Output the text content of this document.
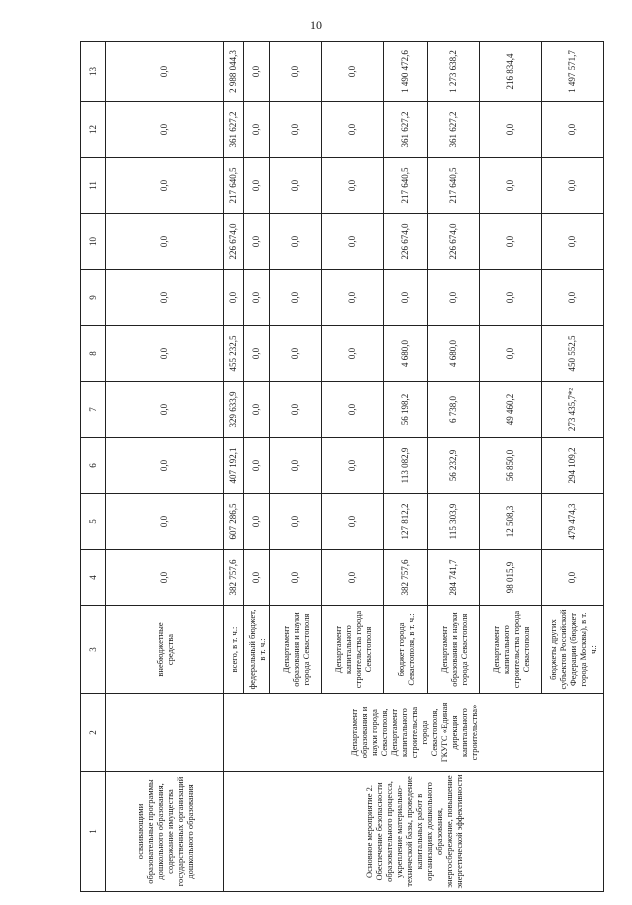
10
1	2	3	4	5	6	7	8	9	10	11	12	13
осваивающими образовательные программы дошкольного образования, содержание имущества государственных организаций дошкольного образования		внебюджетные средства	0,0	0,0	0,0	0,0	0,0	0,0	0,0	0,0	0,0	0,0
Основное мероприятие 2. Обеспечение безопасности образовательного процесса, укрепление материально-технической базы, проведение капитальных работ в организациях дошкольного образования, энергосбережение, повышение энергетической эффективности	Департамент образования и науки города Севастополя, Департамент капитального строительства города Севастополя, ГКУГС «Единая дирекция капитального строительства»	всего, в т. ч.:	382 757,6	607 286,5	407 192,1	329 633,9	455 232,5	0,0	226 674,0	217 640,5	361 627,2	2 988 044,3
		федеральный бюджет, в т. ч.:	0,0	0,0	0,0	0,0	0,0	0,0	0,0	0,0	0,0	0,0
		Департамент образования и науки города Севастополя	0,0	0,0	0,0	0,0	0,0	0,0	0,0	0,0	0,0	0,0
		Департамент капитального строительства города Севастополя	0,0	0,0	0,0	0,0	0,0	0,0	0,0	0,0	0,0	0,0
		бюджет города Севастополя, в т. ч.:	382 757,6	127 812,2	113 082,9	56 198,2	4 680,0	0,0	226 674,0	217 640,5	361 627,2	1 490 472,6
		Департамент образования и науки города Севастополя	284 741,7	115 303,9	56 232,9	6 738,0	4 680,0	0,0	226 674,0	217 640,5	361 627,2	1 273 638,2
		Департамент капитального строительства города Севастополя	98 015,9	12 508,3	56 850,0	49 460,2	0,0	0,0	0,0	0,0	0,0	216 834,4
		бюджеты других субъектов Российской Федерации (бюджет города Москвы), в т. ч.:	0,0	479 474,3	294 109,2	273 435,7*²	450 552,5	0,0	0,0	0,0	0,0	1 497 571,7
